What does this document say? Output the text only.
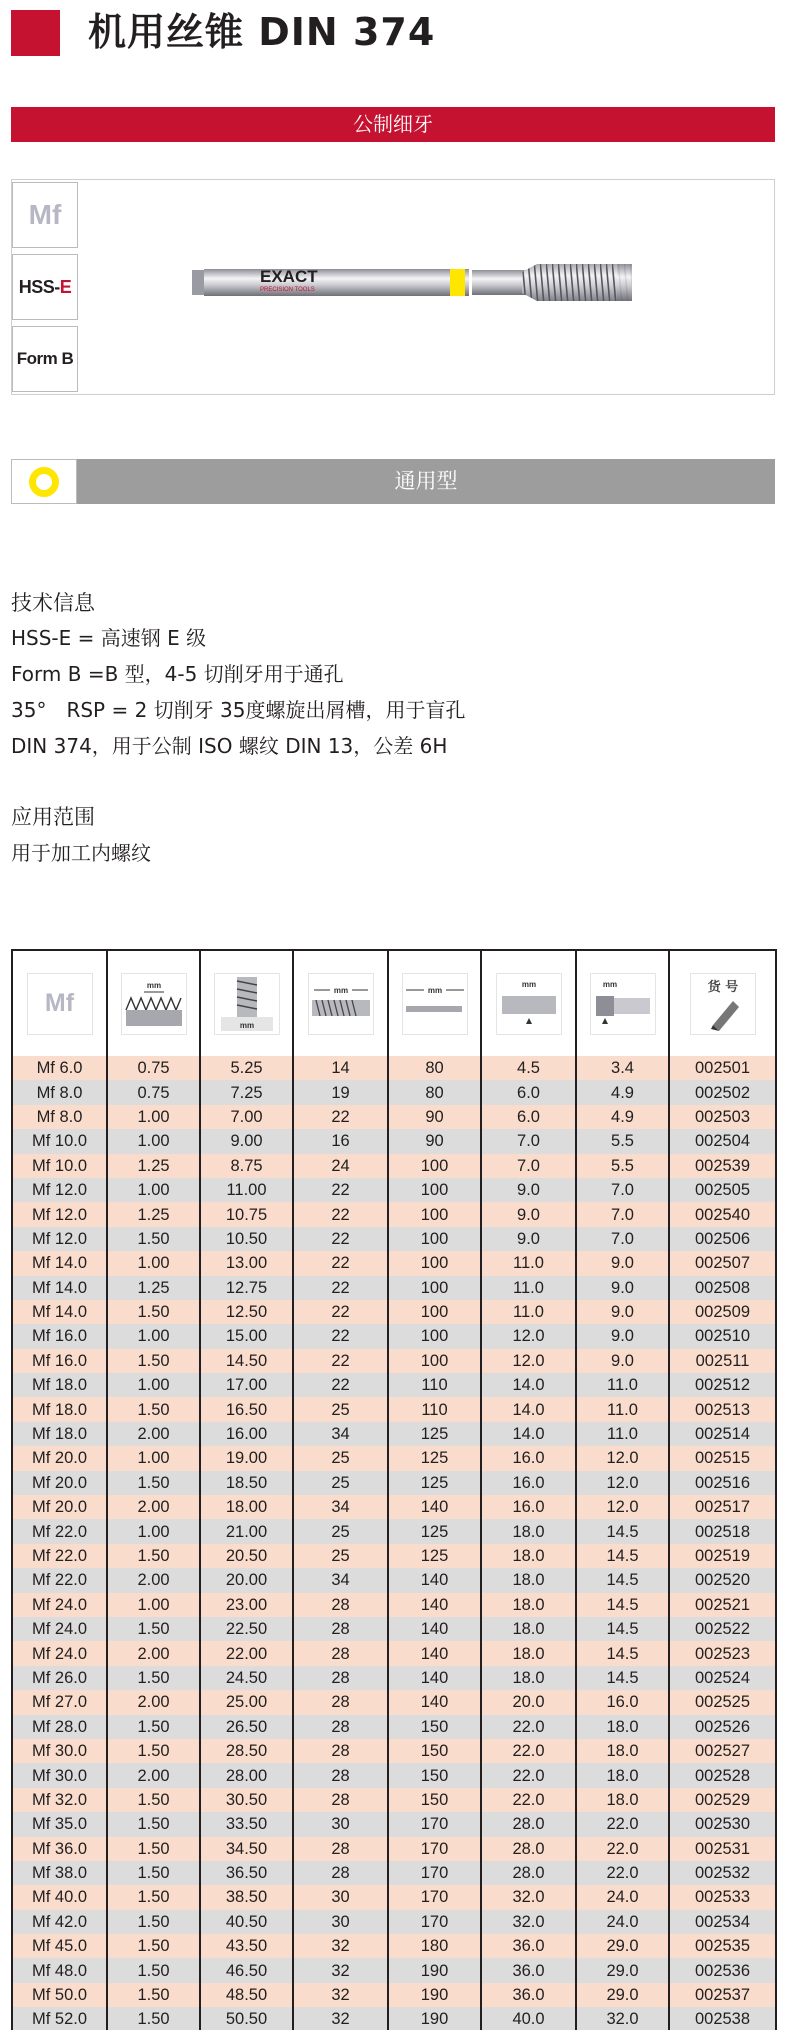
机用丝锥 DIN 374
公制细牙
Mf
HSS- E
Form B
EXACT
PRECISION TOOLS
通用型
技术信息
HSS-E = 高速钢 E 级
Form B =B 型，4-5 切削牙用于通孔
35°　RSP = 2 切削牙 35度螺旋出屑槽，用于盲孔
DIN 374，用于公制 ISO 螺纹 DIN 13，公差 6H
应用范围
用于加工内螺纹
Mf	mm	mm	mm	mm	mm	mm	货 号

Mf 6.0	0.75	5.25	14	80	4.5	3.4	002501
Mf 8.0	0.75	7.25	19	80	6.0	4.9	002502
Mf 8.0	1.00	7.00	22	90	6.0	4.9	002503
Mf 10.0	1.00	9.00	16	90	7.0	5.5	002504
Mf 10.0	1.25	8.75	24	100	7.0	5.5	002539
Mf 12.0	1.00	11.00	22	100	9.0	7.0	002505
Mf 12.0	1.25	10.75	22	100	9.0	7.0	002540
Mf 12.0	1.50	10.50	22	100	9.0	7.0	002506
Mf 14.0	1.00	13.00	22	100	11.0	9.0	002507
Mf 14.0	1.25	12.75	22	100	11.0	9.0	002508
Mf 14.0	1.50	12.50	22	100	11.0	9.0	002509
Mf 16.0	1.00	15.00	22	100	12.0	9.0	002510
Mf 16.0	1.50	14.50	22	100	12.0	9.0	002511
Mf 18.0	1.00	17.00	22	110	14.0	11.0	002512
Mf 18.0	1.50	16.50	25	110	14.0	11.0	002513
Mf 18.0	2.00	16.00	34	125	14.0	11.0	002514
Mf 20.0	1.00	19.00	25	125	16.0	12.0	002515
Mf 20.0	1.50	18.50	25	125	16.0	12.0	002516
Mf 20.0	2.00	18.00	34	140	16.0	12.0	002517
Mf 22.0	1.00	21.00	25	125	18.0	14.5	002518
Mf 22.0	1.50	20.50	25	125	18.0	14.5	002519
Mf 22.0	2.00	20.00	34	140	18.0	14.5	002520
Mf 24.0	1.00	23.00	28	140	18.0	14.5	002521
Mf 24.0	1.50	22.50	28	140	18.0	14.5	002522
Mf 24.0	2.00	22.00	28	140	18.0	14.5	002523
Mf 26.0	1.50	24.50	28	140	18.0	14.5	002524
Mf 27.0	2.00	25.00	28	140	20.0	16.0	002525
Mf 28.0	1.50	26.50	28	150	22.0	18.0	002526
Mf 30.0	1.50	28.50	28	150	22.0	18.0	002527
Mf 30.0	2.00	28.00	28	150	22.0	18.0	002528
Mf 32.0	1.50	30.50	28	150	22.0	18.0	002529
Mf 35.0	1.50	33.50	30	170	28.0	22.0	002530
Mf 36.0	1.50	34.50	28	170	28.0	22.0	002531
Mf 38.0	1.50	36.50	28	170	28.0	22.0	002532
Mf 40.0	1.50	38.50	30	170	32.0	24.0	002533
Mf 42.0	1.50	40.50	30	170	32.0	24.0	002534
Mf 45.0	1.50	43.50	32	180	36.0	29.0	002535
Mf 48.0	1.50	46.50	32	190	36.0	29.0	002536
Mf 50.0	1.50	48.50	32	190	36.0	29.0	002537
Mf 52.0	1.50	50.50	32	190	40.0	32.0	002538
